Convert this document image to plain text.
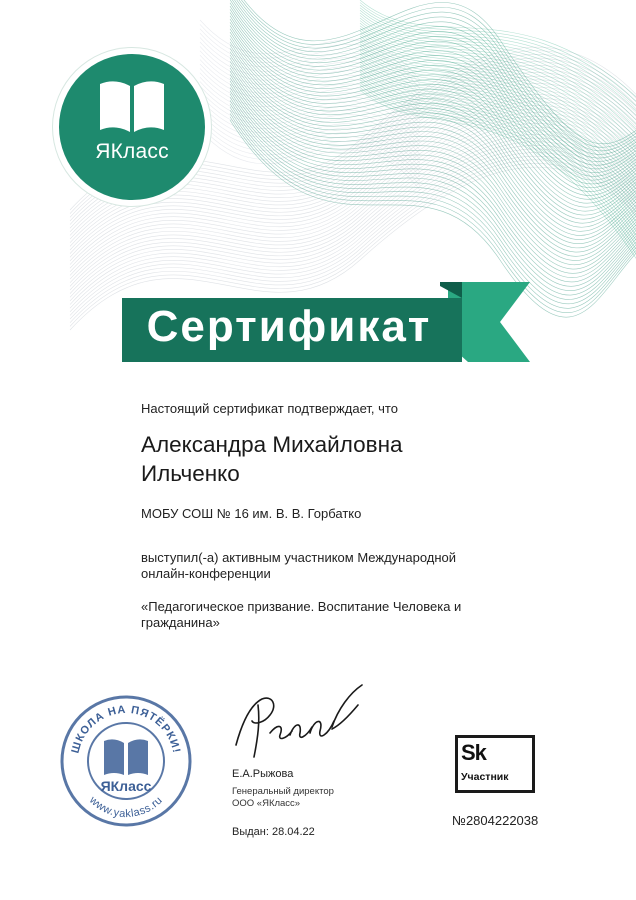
ЯКласс
Сертификат
Настоящий сертификат подтверждает, что
Александра Михайловна
Ильченко
МОБУ СОШ № 16 им. В. В. Горбатко
выступил(-а) активным участником Международной
онлайн-конференции
«Педагогическое призвание. Воспитание Человека и
гражданина»
ШКОЛА НА ПЯТЁРКИ!
www.yaklass.ru
ЯКласс
Е.А.Рыжова
Генеральный директор
ООО «ЯКласс»
Выдан: 28.04.22
Sk
Участник
№2804222038
